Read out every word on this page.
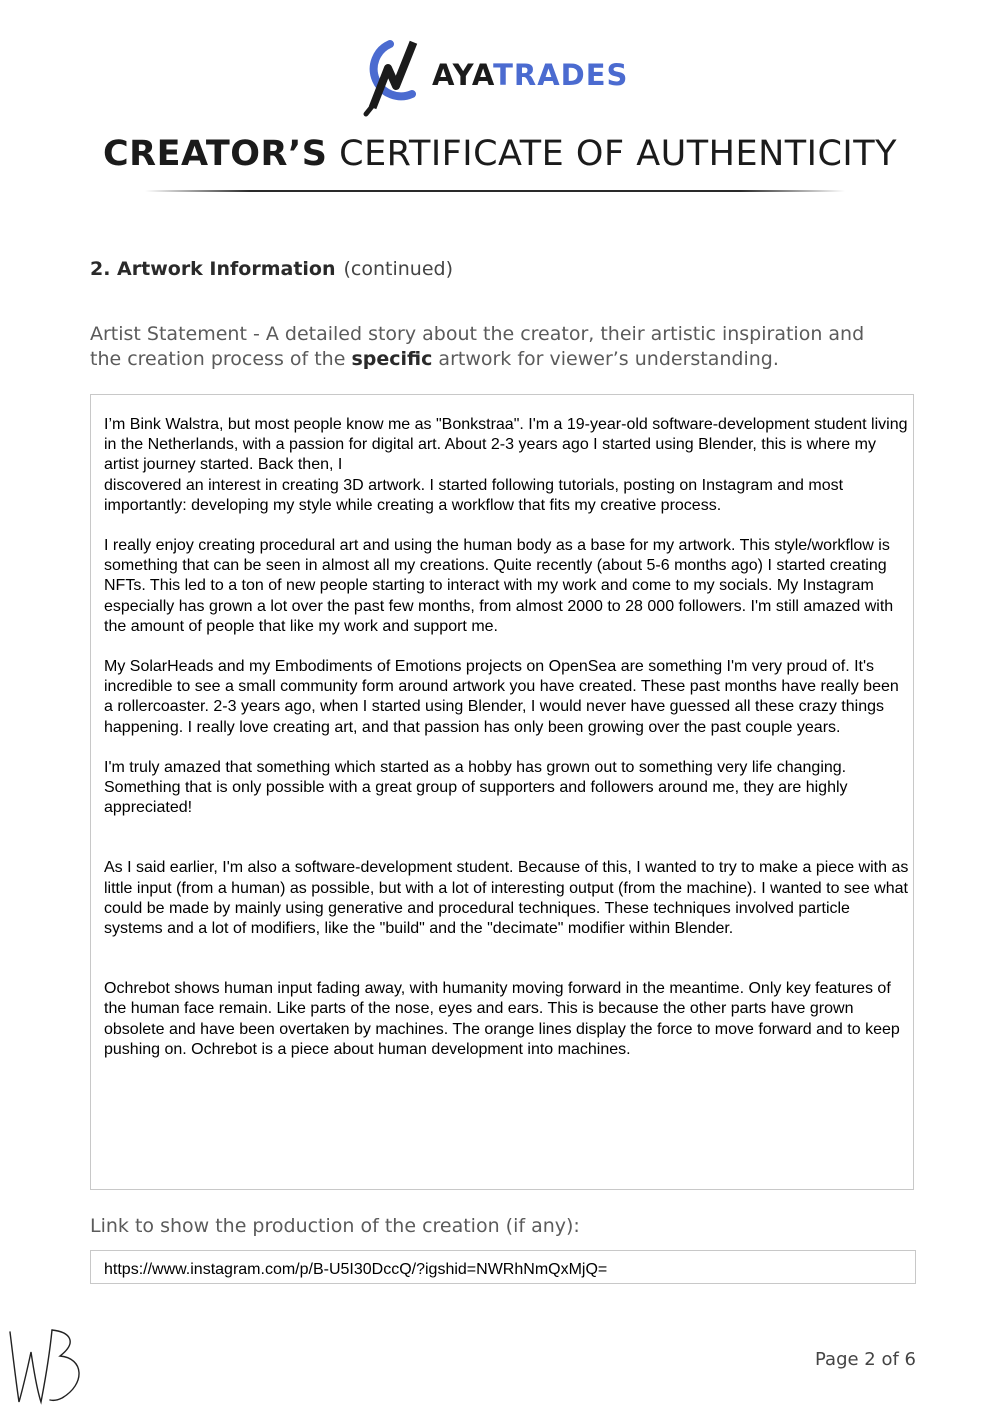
AYATRADES
CREATOR’S CERTIFICATE OF AUTHENTICITY
2. Artwork Information (continued)
Artist Statement - A detailed story about the creator, their artistic inspiration and the creation process of the specific artwork for viewer’s understanding.

I’m Bink Walstra, but most people know me as "Bonkstraa". I'm a 19-year-old software-development student living in the Netherlands, with a passion for digital art. About 2-3 years ago I started using Blender, this is where my artist journey started. Back then, I
discovered an interest in creating 3D artwork. I started following tutorials, posting on Instagram and most importantly: developing my style while creating a workflow that fits my creative process.

I really enjoy creating procedural art and using the human body as a base for my artwork. This style/workflow is something that can be seen in almost all my creations. Quite recently (about 5-6 months ago) I started creating NFTs. This led to a ton of new people starting to interact with my work and come to my socials. My Instagram especially has grown a lot over the past few months, from almost 2000 to 28 000 followers. I'm still amazed with the amount of people that like my work and support me.

My SolarHeads and my Embodiments of Emotions projects on OpenSea are something I'm very proud of. It's incredible to see a small community form around artwork you have created. These past months have really been a rollercoaster. 2-3 years ago, when I started using Blender, I would never have guessed all these crazy things happening. I really love creating art, and that passion has only been growing over the past couple years.

I'm truly amazed that something which started as a hobby has grown out to something very life changing. Something that is only possible with a great group of supporters and followers around me, they are highly appreciated!

As I said earlier, I'm also a software-development student. Because of this, I wanted to try to make a piece with as little input (from a human) as possible, but with a lot of interesting output (from the machine). I wanted to see what could be made by mainly using generative and procedural techniques. These techniques involved particle systems and a lot of modifiers, like the "build" and the "decimate" modifier within Blender.

Ochrebot shows human input fading away, with humanity moving forward in the meantime. Only key features of the human face remain. Like parts of the nose, eyes and ears. This is because the other parts have grown obsolete and have been overtaken by machines. The orange lines display the force to move forward and to keep pushing on. Ochrebot is a piece about human development into machines.

Link to show the production of the creation (if any):
https://www.instagram.com/p/B-U5I30DccQ/?igshid=NWRhNmQxMjQ=
Page 2 of 6
